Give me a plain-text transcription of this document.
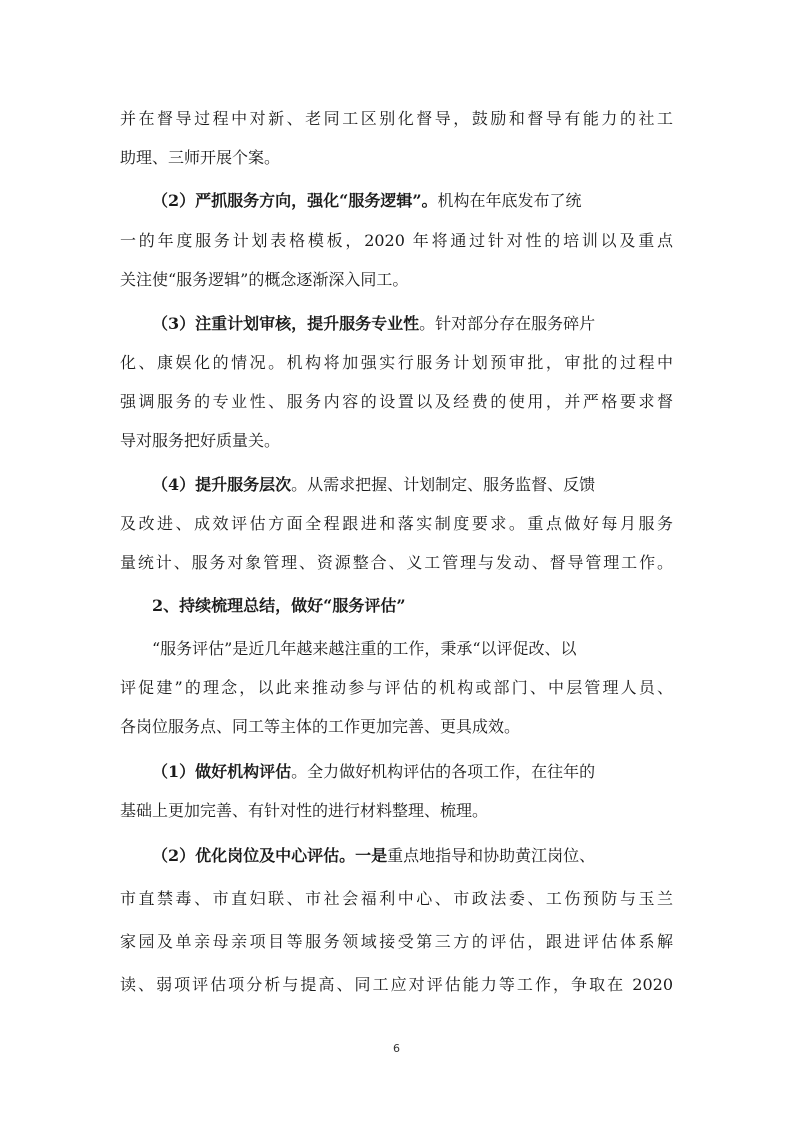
并在督导过程中对新、老同工区别化督导，鼓励和督导有能力的社工
助理、三师开展个案。
（2）严抓服务方向，强化“服务逻辑”。机构在年底发布了统
一的年度服务计划表格模板，2020 年将通过针对性的培训以及重点
关注使“服务逻辑”的概念逐渐深入同工。
（3）注重计划审核，提升服务专业性。针对部分存在服务碎片
化、康娱化的情况。机构将加强实行服务计划预审批，审批的过程中
强调服务的专业性、服务内容的设置以及经费的使用，并严格要求督
导对服务把好质量关。
（4）提升服务层次。从需求把握、计划制定、服务监督、反馈
及改进、成效评估方面全程跟进和落实制度要求。重点做好每月服务
量统计、服务对象管理、资源整合、义工管理与发动、督导管理工作。
2、持续梳理总结，做好“服务评估”
“服务评估”是近几年越来越注重的工作，秉承“以评促改、以
评促建”的理念，以此来推动参与评估的机构或部门、中层管理人员、
各岗位服务点、同工等主体的工作更加完善、更具成效。
（1）做好机构评估。全力做好机构评估的各项工作，在往年的
基础上更加完善、有针对性的进行材料整理、梳理。
（2）优化岗位及中心评估。一是重点地指导和协助黄江岗位、
市直禁毒、市直妇联、市社会福利中心、市政法委、工伤预防与玉兰
家园及单亲母亲项目等服务领域接受第三方的评估，跟进评估体系解
读、弱项评估项分析与提高、同工应对评估能力等工作，争取在 2020
6
